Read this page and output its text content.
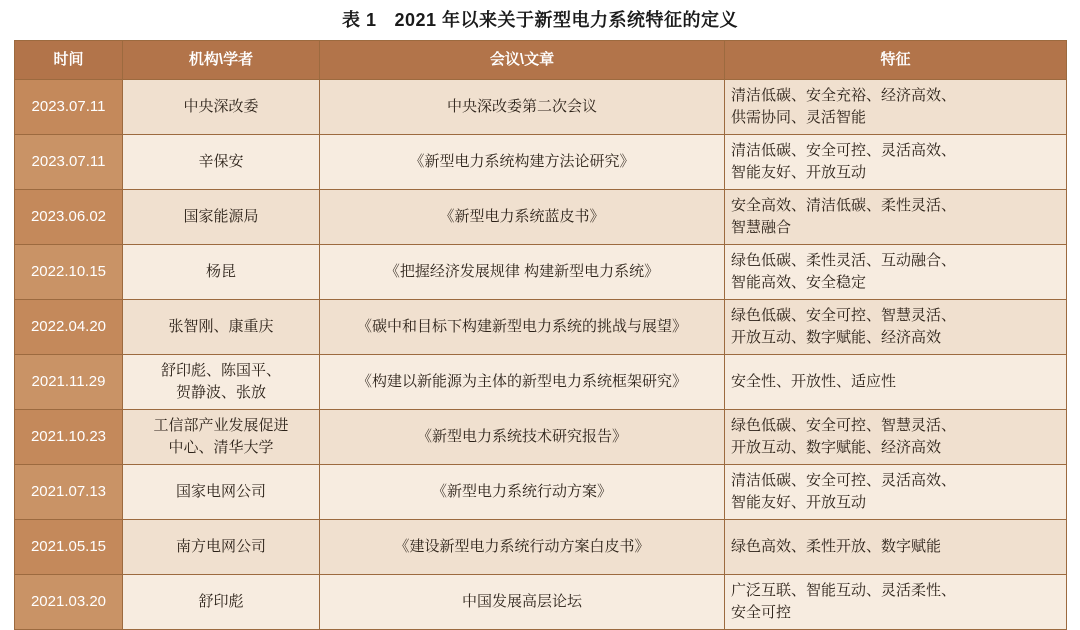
表 1 2021 年以来关于新型电力系统特征的定义
时间	机构\学者	会议\文章	特征
2023.07.11	中央深改委	中央深改委第二次会议	清洁低碳、安全充裕、经济高效、
供需协同、灵活智能

2023.07.11	辛保安	《新型电力系统构建方法论研究》	清洁低碳、安全可控、灵活高效、
智能友好、开放互动

2023.06.02	国家能源局	《新型电力系统蓝皮书》	安全高效、清洁低碳、柔性灵活、
智慧融合

2022.10.15	杨昆	《把握经济发展规律 构建新型电力系统》	绿色低碳、柔性灵活、互动融合、
智能高效、安全稳定

2022.04.20	张智刚、康重庆	《碳中和目标下构建新型电力系统的挑战与展望》	绿色低碳、安全可控、智慧灵活、
开放互动、数字赋能、经济高效

2021.11.29	舒印彪、陈国平、
贺静波、张放	《构建以新能源为主体的新型电力系统框架研究》	安全性、开放性、适应性

2021.10.23	工信部产业发展促进
中心、清华大学	《新型电力系统技术研究报告》	绿色低碳、安全可控、智慧灵活、
开放互动、数字赋能、经济高效

2021.07.13	国家电网公司	《新型电力系统行动方案》	清洁低碳、安全可控、灵活高效、
智能友好、开放互动

2021.05.15	南方电网公司	《建设新型电力系统行动方案白皮书》	绿色高效、柔性开放、数字赋能

2021.03.20	舒印彪	中国发展高层论坛	广泛互联、智能互动、灵活柔性、
安全可控
